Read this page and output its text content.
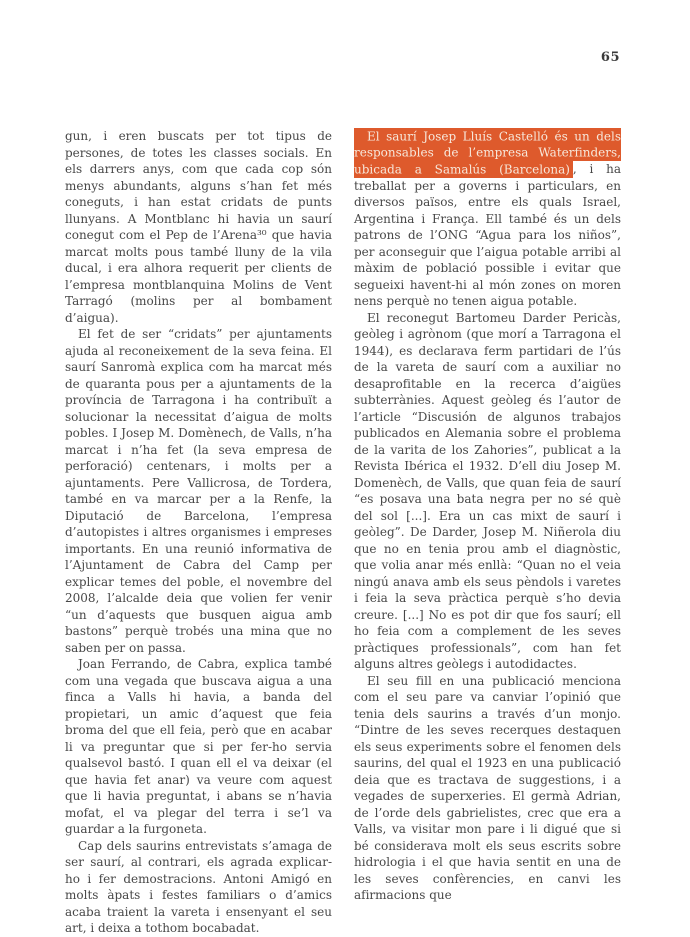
65

gun, i eren buscats per tot tipus de persones, de totes les classes socials. En els darrers anys, com que cada cop són menys abundants, alguns s’han fet més coneguts, i han estat cridats de punts llunyans. A Montblanc hi havia un saurí conegut com el Pep de l’Arena³⁰ que havia marcat molts pous també lluny de la vila ducal, i era alhora requerit per clients de l’empresa montblanquina Molins de Vent Tarragó (molins per al bombament d’aigua).

El fet de ser “cridats” per ajuntaments ajuda al reconeixement de la seva feina. El saurí Sanromà explica com ha marcat més de quaranta pous per a ajuntaments de la província de Tarragona i ha contribuït a solucionar la necessitat d’aigua de molts pobles. I Josep M. Domènech, de Valls, n’ha marcat i n’ha fet (la seva empresa de perforació) centenars, i molts per a ajuntaments. Pere Vallicrosa, de Tordera, també en va marcar per a la Renfe, la Diputació de Barcelona, l’empresa d’autopistes i altres organismes i empreses importants. En una reunió informativa de l’Ajuntament de Cabra del Camp per explicar temes del poble, el novembre del 2008, l’alcalde deia que volien fer venir “un d’aquests que busquen aigua amb bastons” perquè trobés una mina que no saben per on passa.

Joan Ferrando, de Cabra, explica també com una vegada que buscava aigua a una finca a Valls hi havia, a banda del propietari, un amic d’aquest que feia broma del que ell feia, però que en acabar li va preguntar que si per fer-ho servia qualsevol bastó. I quan ell el va deixar (el que havia fet anar) va veure com aquest que li havia preguntat, i abans se n’havia mofat, el va plegar del terra i se’l va guardar a la furgoneta.

Cap dels saurins entrevistats s’amaga de ser saurí, al contrari, els agrada explicar-ho i fer demostracions. Antoni Amigó en molts àpats i festes familiars o d’amics acaba traient la vareta i ensenyant el seu art, i deixa a tothom bocabadat.

El saurí Josep Lluís Castelló és un dels responsables de l’empresa Waterfinders, ubicada a Samalús (Barcelona) , i ha treballat per a governs i particulars, en diversos països, entre els quals Israel, Argentina i França. Ell també és un dels patrons de l’ONG “Agua para los niños”, per aconseguir que l’aigua potable arribi al màxim de població possible i evitar que segueixi havent-hi al món zones on moren nens perquè no tenen aigua potable.

El reconegut Bartomeu Darder Pericàs, geòleg i agrònom (que morí a Tarragona el 1944), es declarava ferm partidari de l’ús de la vareta de saurí com a auxiliar no desaprofitable en la recerca d’aigües subterrànies. Aquest geòleg és l’autor de l’article “Discusión de algunos trabajos publicados en Alemania sobre el problema de la varita de los Zahories”, publicat a la Revista Ibérica el 1932. D’ell diu Josep M. Domenèch, de Valls, que quan feia de saurí “es posava una bata negra per no sé què del sol [...]. Era un cas mixt de saurí i geòleg”. De Darder, Josep M. Niñerola diu que no en tenia prou amb el diagnòstic, que volia anar més enllà: “Quan no el veia ningú anava amb els seus pèndols i varetes i feia la seva pràctica perquè s’ho devia creure. [...] No es pot dir que fos saurí; ell ho feia com a complement de les seves pràctiques professionals”, com han fet alguns altres geòlegs i autodidactes.

El seu fill en una publicació menciona com el seu pare va canviar l’opinió que tenia dels saurins a través d’un monjo. “Dintre de les seves recerques destaquen els seus experiments sobre el fenomen dels saurins, del qual el 1923 en una publicació deia que es tractava de suggestions, i a vegades de superxeries. El germà Adrian, de l’orde dels gabrielistes, crec que era a Valls, va visitar mon pare i li digué que si bé considerava molt els seus escrits sobre hidrologia i el que havia sentit en una de les seves confèrencies, en canvi les afirmacions que
